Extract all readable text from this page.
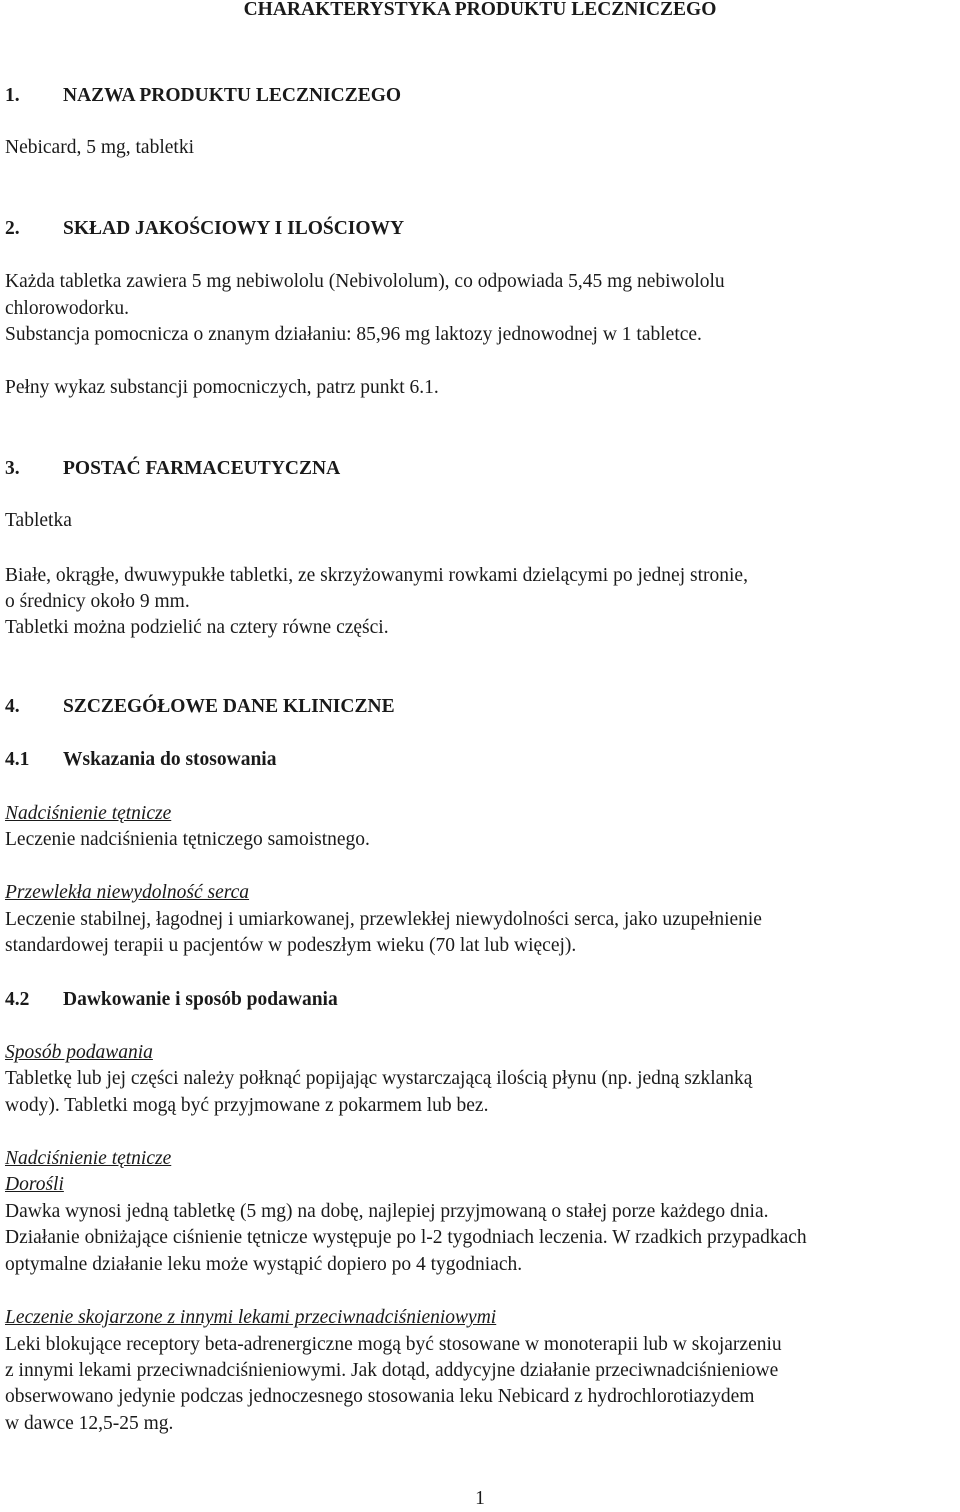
CHARAKTERYSTYKA PRODUKTU LECZNICZEGO
1. NAZWA PRODUKTU LECZNICZEGO
Nebicard, 5 mg, tabletki
2. SKŁAD JAKOŚCIOWY I ILOŚCIOWY
Każda tabletka zawiera 5 mg nebiwololu (Nebivololum), co odpowiada 5,45 mg nebiwololu
chlorowodorku.
Substancja pomocnicza o znanym działaniu: 85,96 mg laktozy jednowodnej w 1 tabletce.
Pełny wykaz substancji pomocniczych, patrz punkt 6.1.
3. POSTAĆ FARMACEUTYCZNA
Tabletka
Białe, okrągłe, dwuwypukłe tabletki, ze skrzyżowanymi rowkami dzielącymi po jednej stronie,
o średnicy około 9 mm.
Tabletki można podzielić na cztery równe części.
4. SZCZEGÓŁOWE DANE KLINICZNE
4.1 Wskazania do stosowania
Nadciśnienie tętnicze
Leczenie nadciśnienia tętniczego samoistnego.
Przewlekła niewydolność serca
Leczenie stabilnej, łagodnej i umiarkowanej, przewlekłej niewydolności serca, jako uzupełnienie
standardowej terapii u pacjentów w podeszłym wieku (70 lat lub więcej).
4.2 Dawkowanie i sposób podawania
Sposób podawania
Tabletkę lub jej części należy połknąć popijając wystarczającą ilością płynu (np. jedną szklanką
wody). Tabletki mogą być przyjmowane z pokarmem lub bez.
Nadciśnienie tętnicze
Dorośli
Dawka wynosi jedną tabletkę (5 mg) na dobę, najlepiej przyjmowaną o stałej porze każdego dnia.
Działanie obniżające ciśnienie tętnicze występuje po l-2 tygodniach leczenia. W rzadkich przypadkach
optymalne działanie leku może wystąpić dopiero po 4 tygodniach.
Leczenie skojarzone z innymi lekami przeciwnadciśnieniowymi
Leki blokujące receptory beta-adrenergiczne mogą być stosowane w monoterapii lub w skojarzeniu
z innymi lekami przeciwnadciśnieniowymi. Jak dotąd, addycyjne działanie przeciwnadciśnieniowe
obserwowano jedynie podczas jednoczesnego stosowania leku Nebicard z hydrochlorotiazydem
w dawce 12,5-25 mg.
1
